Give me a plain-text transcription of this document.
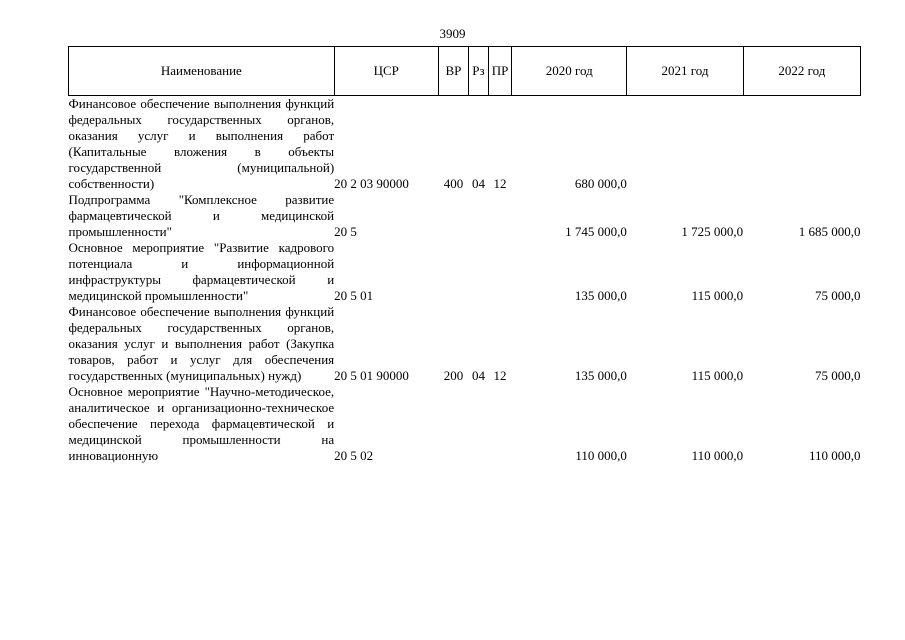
3909
Наименование	ЦСР	ВР	Рз	ПР	2020 год	2021 год	2022 год
Финансовое обеспечение выполнения функций федеральных государственных органов, оказания услуг и выполнения работ (Капитальные вложения в объекты государственной (муниципальной) собственности)	20 2 03 90000	400	04	12	680 000,0		
Подпрограмма "Комплексное развитие фармацевтической и медицинской промышленности"	20 5				1 745 000,0	1 725 000,0	1 685 000,0
Основное мероприятие "Развитие кадрового потенциала и информационной инфраструктуры фармацевтической и медицинской промышленности"	20 5 01				135 000,0	115 000,0	75 000,0
Финансовое обеспечение выполнения функций федеральных государственных органов, оказания услуг и выполнения работ (Закупка товаров, работ и услуг для обеспечения государственных (муниципальных) нужд)	20 5 01 90000	200	04	12	135 000,0	115 000,0	75 000,0
Основное мероприятие "Научно-методическое, аналитическое и организационно-техническое обеспечение перехода фармацевтической и медицинской промышленности на инновационную	20 5 02				110 000,0	110 000,0	110 000,0
